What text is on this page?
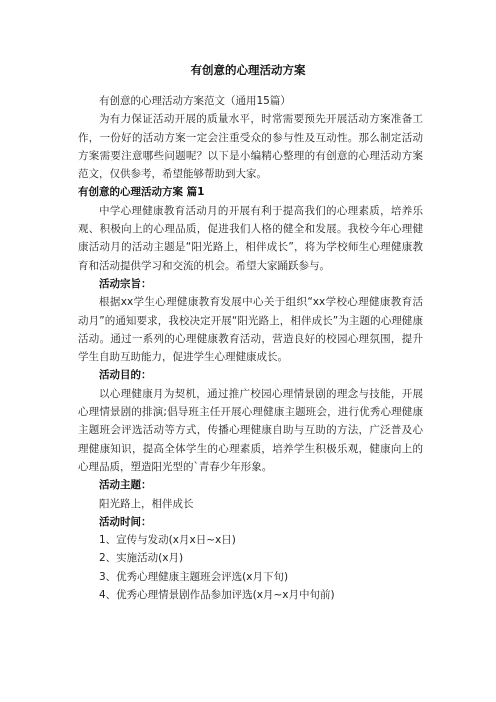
有创意的心理活动方案

有创意的心理活动方案范文（通用15篇）

为有力保证活动开展的质量水平，时常需要预先开展活动方案准备工作，一份好的活动方案一定会注重受众的参与性及互动性。那么制定活动方案需要注意哪些问题呢？以下是小编精心整理的有创意的心理活动方案范文，仅供参考，希望能够帮助到大家。

有创意的心理活动方案 篇1

中学心理健康教育活动月的开展有利于提高我们的心理素质，培养乐观、积极向上的心理品质，促进我们人格的健全和发展。我校今年心理健康活动月的活动主题是“阳光路上，相伴成长”，将为学校师生心理健康教育和活动提供学习和交流的机会。希望大家踊跃参与。

活动宗旨：

根据xx学生心理健康教育发展中心关于组织“xx学校心理健康教育活动月”的通知要求，我校决定开展“阳光路上，相伴成长”为主题的心理健康活动。通过一系列的心理健康教育活动，营造良好的校园心理氛围，提升学生自助互助能力，促进学生心理健康成长。

活动目的：

以心理健康月为契机，通过推广校园心理情景剧的理念与技能，开展心理情景剧的排演;倡导班主任开展心理健康主题班会，进行优秀心理健康主题班会评选活动等方式，传播心理健康自助与互助的方法，广泛普及心理健康知识，提高全体学生的心理素质，培养学生积极乐观，健康向上的心理品质，塑造阳光型的`青春少年形象。

活动主题：

阳光路上，相伴成长

活动时间：

1、宣传与发动(x月x日~x日)

2、实施活动(x月)

3、优秀心理健康主题班会评选(x月下旬)

4、优秀心理情景剧作品参加评选(x月~x月中旬前)
